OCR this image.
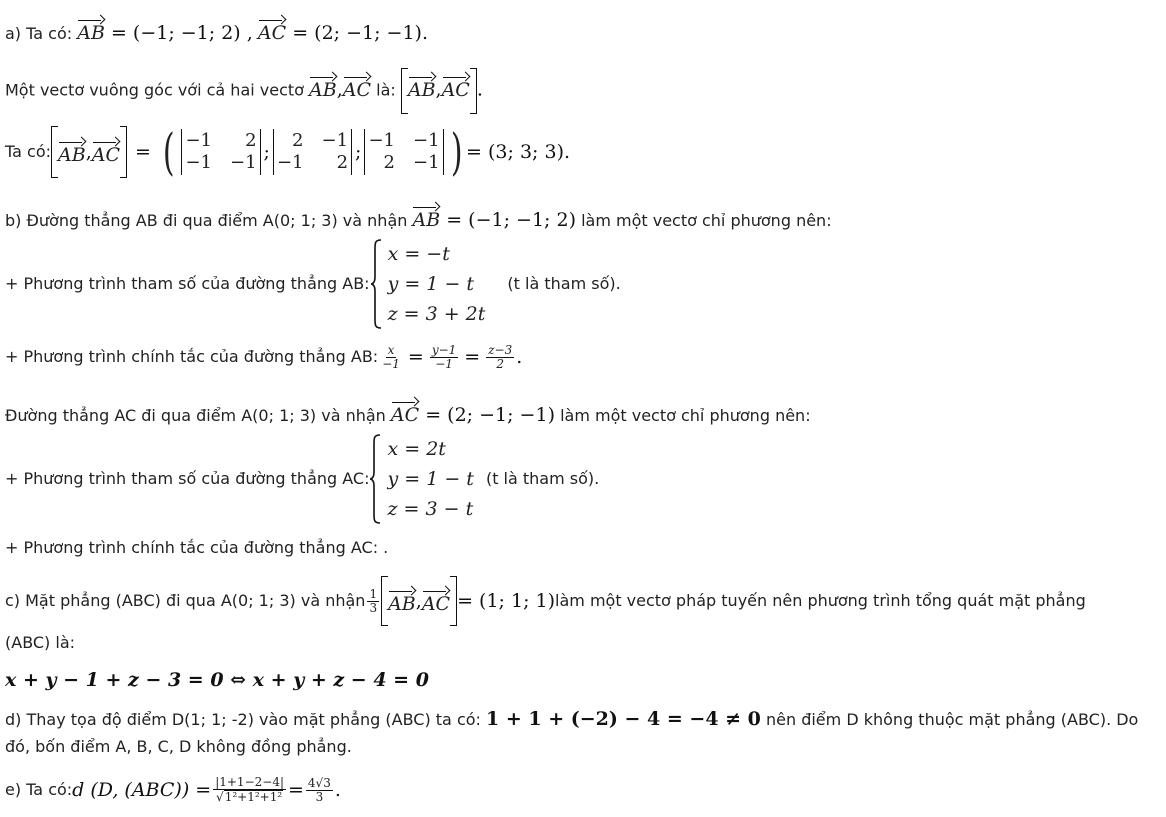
a) Ta có: AB = (−1; −1; 2) , AC = (2; −1; −1).
Một vectơ vuông góc với cả hai vectơ AB,AC là: AB,AC .
Ta có: AB , AC = ( −1	2
−1 −1 ;
2 −1
−1	2 ;
−1 −1
2 −1 ) = (3; 3; 3).
b) Đường thẳng AB đi qua điểm A(0; 1; 3) và nhận AB = (−1; −1; 2) làm một vectơ chỉ phương nên:
+ Phương trình tham số của đường thẳng AB:
x = −t
y = 1 − t
z = 3 + 2t
(t là tham số).
+ Phương trình chính tắc của đường thẳng AB: $\frac{x}{-1} = \frac{y-1}{-1} = \frac{z-3}{2}$ .
Đường thẳng AC đi qua điểm A(0; 1; 3) và nhận AC = (2; −1; −1) làm một vectơ chỉ phương nên:
+ Phương trình tham số của đường thẳng AC:
x = 2t
y = 1 − t
z = 3 − t
(t là tham số).
+ Phương trình chính tắc của đường thẳng AC: .
c) Mặt phẳng (ABC) đi qua A(0; 1; 3) và nhận $\frac{1}{3}$ AB , AC = (1; 1; 1) làm một vectơ pháp tuyến nên phương trình tổng quát mặt phẳng
(ABC) là:
x + y − 1 + z − 3 = 0 ⇔ x + y + z − 4 = 0
d) Thay tọa độ điểm D(1; 1; -2) vào mặt phẳng (ABC) ta có: 1 + 1 + (−2) − 4 = −4 ≠ 0 nên điểm D không thuộc mặt phẳng (ABC). Do
đó, bốn điểm A, B, C, D không đồng phẳng.
e) Ta có: d (D, $(ABC)) = \frac{|1+1-2-4|}{\text{√1²+1²+1²}} = \frac{4√3}{3}$ .
